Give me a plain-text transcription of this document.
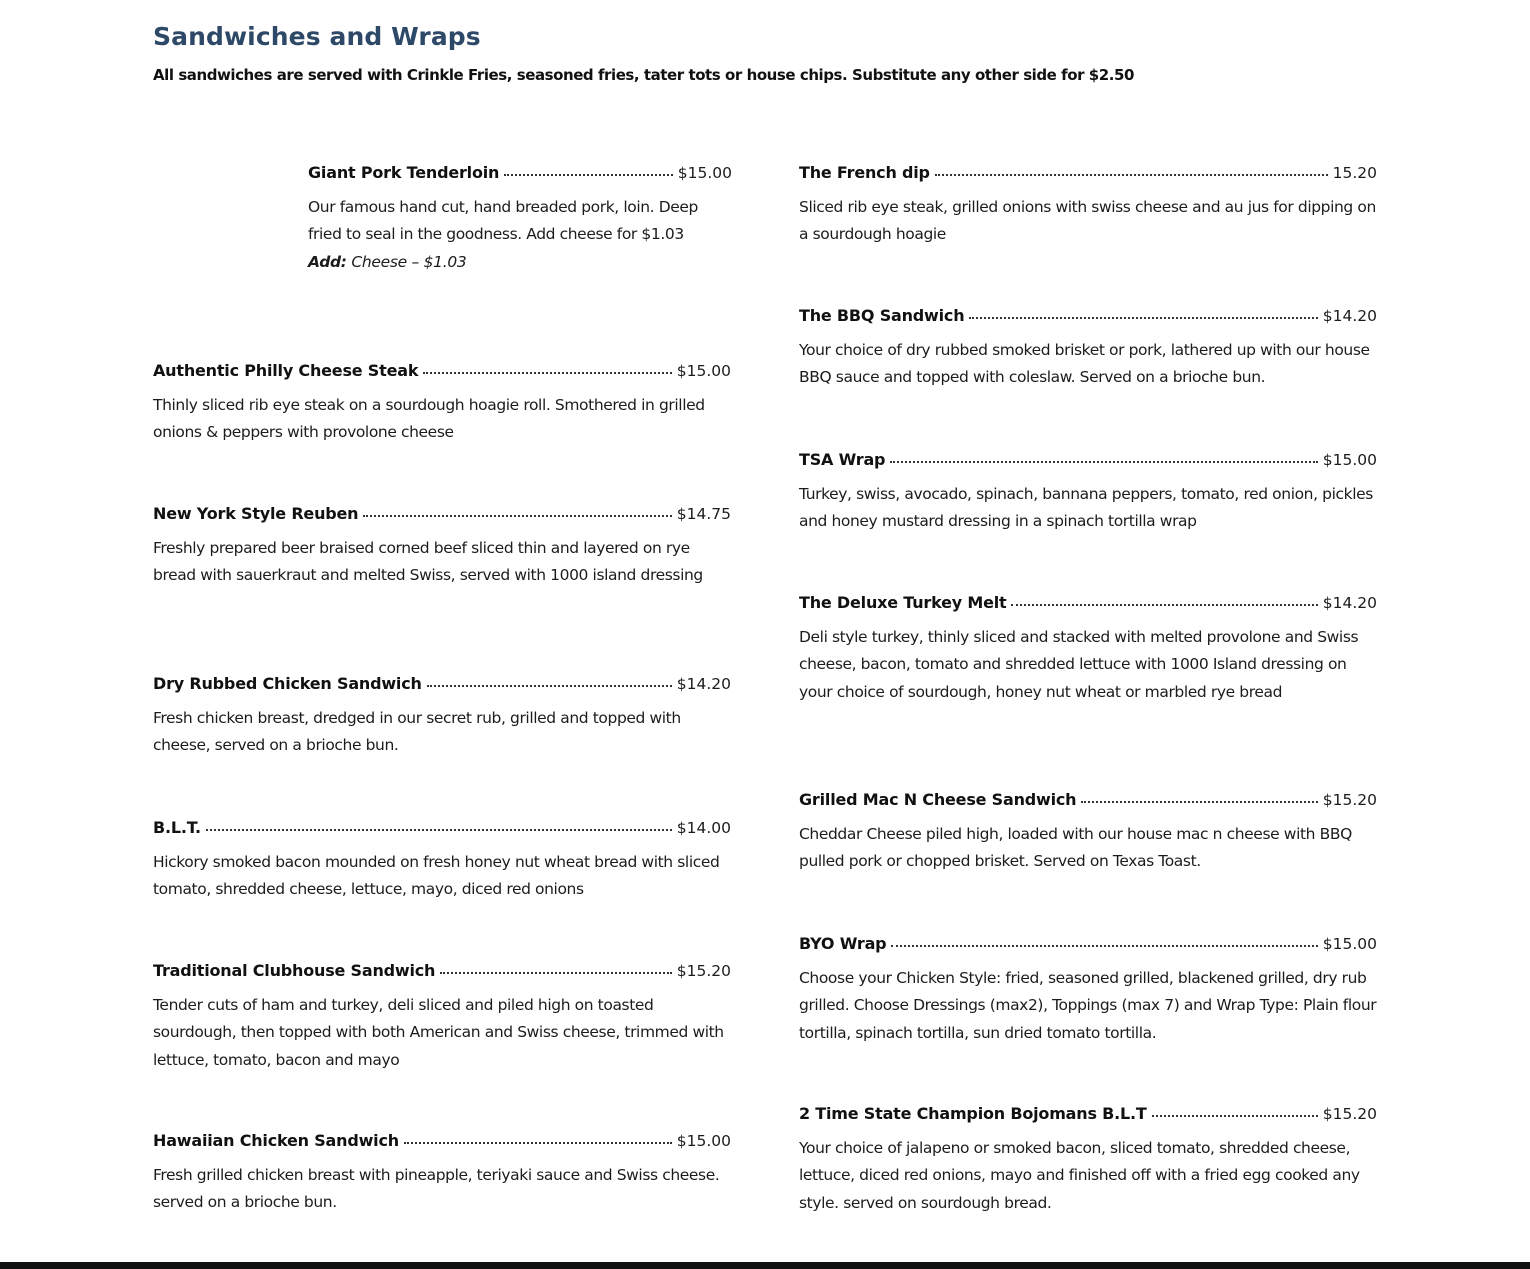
Sandwiches and Wraps

All sandwiches are served with Crinkle Fries, seasoned fries, tater tots or house chips. Substitute any other side for $2.50

Giant Pork Tenderloin	$15.00

Our famous hand cut, hand breaded pork, loin. Deep fried to seal in the goodness. Add cheese for $1.03

Add: Cheese – $1.03

Authentic Philly Cheese Steak	$15.00

Thinly sliced rib eye steak on a sourdough hoagie roll. Smothered in grilled onions & peppers with provolone cheese

New York Style Reuben	$14.75

Freshly prepared beer braised corned beef sliced thin and layered on rye bread with sauerkraut and melted Swiss, served with 1000 island dressing

Dry Rubbed Chicken Sandwich	$14.20

Fresh chicken breast, dredged in our secret rub, grilled and topped with cheese, served on a brioche bun.

B.L.T.	$14.00

Hickory smoked bacon mounded on fresh honey nut wheat bread with sliced tomato, shredded cheese, lettuce, mayo, diced red onions

Traditional Clubhouse Sandwich	$15.20

Tender cuts of ham and turkey, deli sliced and piled high on toasted sourdough, then topped with both American and Swiss cheese, trimmed with lettuce, tomato, bacon and mayo

Hawaiian Chicken Sandwich	$15.00

Fresh grilled chicken breast with pineapple, teriyaki sauce and Swiss cheese. served on a brioche bun.

The French dip	15.20

Sliced rib eye steak, grilled onions with swiss cheese and au jus for dipping on a sourdough hoagie

The BBQ Sandwich	$14.20

Your choice of dry rubbed smoked brisket or pork, lathered up with our house BBQ sauce and topped with coleslaw. Served on a brioche bun.

TSA Wrap	$15.00

Turkey, swiss, avocado, spinach, bannana peppers, tomato, red onion, pickles and honey mustard dressing in a spinach tortilla wrap

The Deluxe Turkey Melt	$14.20

Deli style turkey, thinly sliced and stacked with melted provolone and Swiss cheese, bacon, tomato and shredded lettuce with 1000 Island dressing on your choice of sourdough, honey nut wheat or marbled rye bread

Grilled Mac N Cheese Sandwich	$15.20

Cheddar Cheese piled high, loaded with our house mac n cheese with BBQ pulled pork or chopped brisket. Served on Texas Toast.

BYO Wrap	$15.00

Choose your Chicken Style: fried, seasoned grilled, blackened grilled, dry rub grilled. Choose Dressings (max2), Toppings (max 7) and Wrap Type: Plain flour tortilla, spinach tortilla, sun dried tomato tortilla.

2 Time State Champion Bojomans B.L.T	$15.20

Your choice of jalapeno or smoked bacon, sliced tomato, shredded cheese, lettuce, diced red onions, mayo and finished off with a fried egg cooked any style. served on sourdough bread.
